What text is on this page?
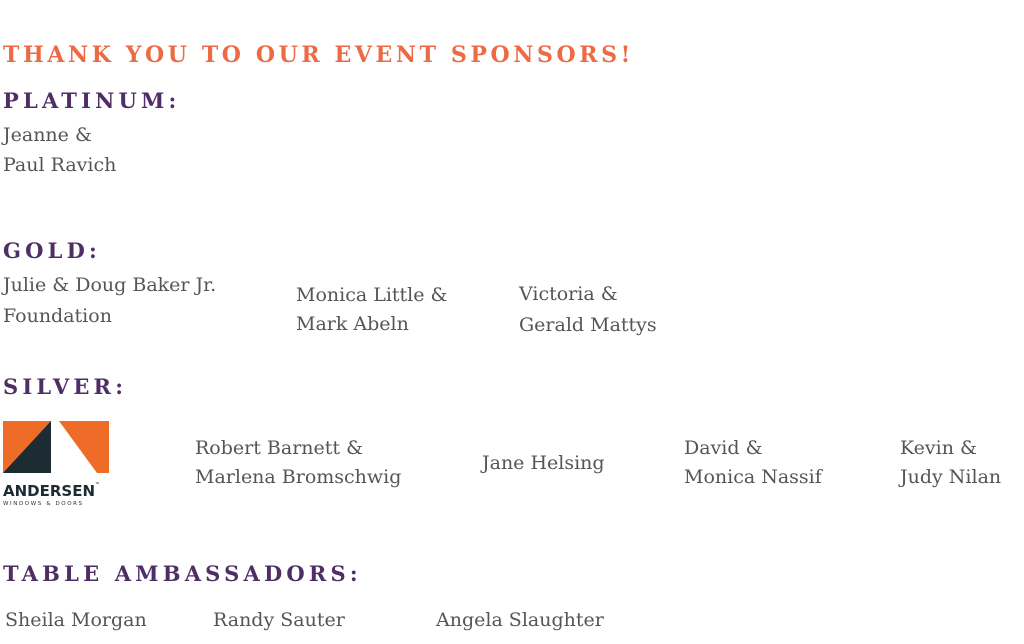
THANK YOU TO OUR EVENT SPONSORS!
PLATINUM:
Jeanne &
Paul Ravich
GOLD:
Julie & Doug Baker Jr.
Foundation
Monica Little &
Mark Abeln
Victoria &
Gerald Mattys
SILVER:
ANDERSEN™
WINDOWS & DOORS
Robert Barnett &
Marlena Bromschwig
Jane Helsing
David &
Monica Nassif
Kevin &
Judy Nilan
TABLE AMBASSADORS:
Sheila Morgan	Randy Sauter	Angela Slaughter
